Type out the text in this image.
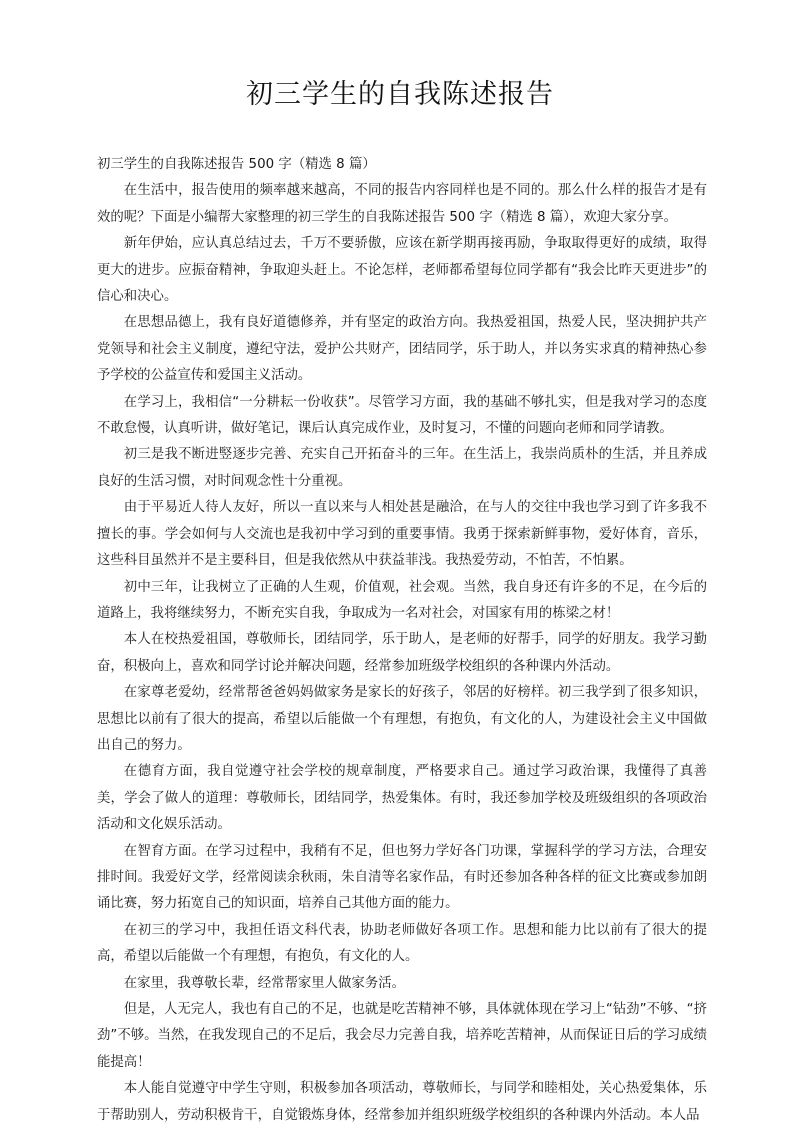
初三学生的自我陈述报告

初三学生的自我陈述报告 500 字（精选 8 篇）

在生活中，报告使用的频率越来越高，不同的报告内容同样也是不同的。那么什么样的报告才是有效的呢？下面是小编帮大家整理的初三学生的自我陈述报告 500 字（精选 8 篇），欢迎大家分享。

新年伊始，应认真总结过去，千万不要骄傲，应该在新学期再接再励，争取取得更好的成绩，取得更大的进步。应振奋精神，争取迎头赶上。不论怎样，老师都希望每位同学都有“我会比昨天更进步”的信心和决心。

在思想品德上，我有良好道德修养，并有坚定的政治方向。我热爱祖国，热爱人民，坚决拥护共产党领导和社会主义制度，遵纪守法，爱护公共财产，团结同学，乐于助人，并以务实求真的精神热心参予学校的公益宣传和爱国主义活动。

在学习上，我相信“一分耕耘一份收获”。尽管学习方面，我的基础不够扎实，但是我对学习的态度不敢怠慢，认真听讲，做好笔记，课后认真完成作业，及时复习，不懂的问题向老师和同学请教。

初三是我不断进竪逐步完善、充实自己开拓奋斗的三年。在生活上，我崇尚质朴的生活，并且养成良好的生活习惯，对时间观念性十分重视。

由于平易近人待人友好，所以一直以来与人相处甚是融洽，在与人的交往中我也学习到了许多我不擅长的事。学会如何与人交流也是我初中学习到的重要事情。我勇于探索新鲜事物，爱好体育，音乐，这些科目虽然并不是主要科目，但是我依然从中获益菲浅。我热爱劳动，不怕苦，不怕累。

初中三年，让我树立了正确的人生观，价值观，社会观。当然，我自身还有许多的不足，在今后的道路上，我将继续努力，不断充实自我，争取成为一名对社会，对国家有用的栋梁之材！

本人在校热爱祖国，尊敬师长，团结同学，乐于助人，是老师的好帮手，同学的好朋友。我学习勤奋，积极向上，喜欢和同学讨论并解决问题，经常参加班级学校组织的各种课内外活动。

在家尊老爱幼，经常帮爸爸妈妈做家务是家长的好孩子，邻居的好榜样。初三我学到了很多知识，思想比以前有了很大的提高，希望以后能做一个有理想，有抱负，有文化的人，为建设社会主义中国做出自己的努力。

在德育方面，我自觉遵守社会学校的规章制度，严格要求自己。通过学习政治课，我懂得了真善美，学会了做人的道理：尊敬师长，团结同学，热爱集体。有时，我还参加学校及班级组织的各项政治活动和文化娱乐活动。

在智育方面。在学习过程中，我稍有不足，但也努力学好各门功课，掌握科学的学习方法，合理安排时间。我爱好文学，经常阅读余秋雨，朱自清等名家作品，有时还参加各种各样的征文比赛或参加朗诵比赛，努力拓宽自己的知识面，培养自己其他方面的能力。

在初三的学习中，我担任语文科代表，协助老师做好各项工作。思想和能力比以前有了很大的提高，希望以后能做一个有理想，有抱负，有文化的人。

在家里，我尊敬长辈，经常帮家里人做家务活。

但是，人无完人，我也有自己的不足，也就是吃苦精神不够，具体就体现在学习上“钻劲”不够、“挤劲”不够。当然，在我发现自己的不足后，我会尽力完善自我，培养吃苦精神，从而保证日后的学习成绩能提高！

本人能自觉遵守中学生守则，积极参加各项活动，尊敬师长，与同学和睦相处，关心热爱集体，乐于帮助别人，劳动积极肯干，自觉锻炼身体，经常参加并组织班级学校组织的各种课内外活动。本人品
